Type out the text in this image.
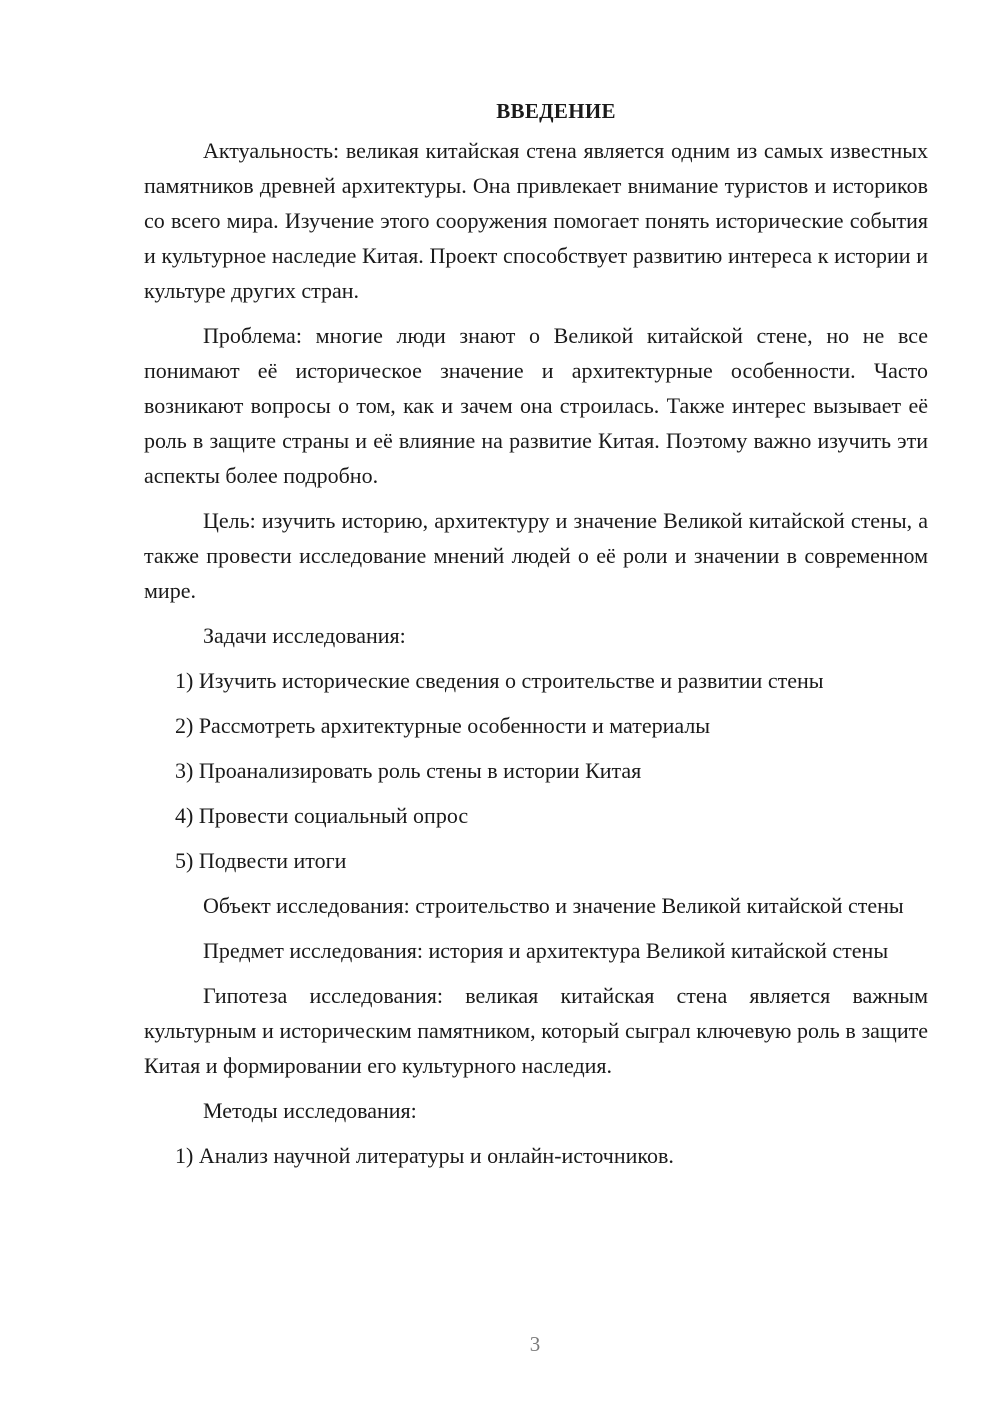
ВВЕДЕНИЕ

Актуальность: великая китайская стена является одним из самых известных памятников древней архитектуры. Она привлекает внимание туристов и историков со всего мира. Изучение этого сооружения помогает понять исторические события и культурное наследие Китая. Проект способствует развитию интереса к истории и культуре других стран.

Проблема: многие люди знают о Великой китайской стене, но не все понимают её историческое значение и архитектурные особенности. Часто возникают вопросы о том, как и зачем она строилась. Также интерес вызывает её роль в защите страны и её влияние на развитие Китая. Поэтому важно изучить эти аспекты более подробно.

Цель: изучить историю, архитектуру и значение Великой китайской стены, а также провести исследование мнений людей о её роли и значении в современном мире.

Задачи исследования:

1) Изучить исторические сведения о строительстве и развитии стены
2) Рассмотреть архитектурные особенности и материалы
3) Проанализировать роль стены в истории Китая
4) Провести социальный опрос
5) Подвести итоги

Объект исследования: строительство и значение Великой китайской стены

Предмет исследования: история и архитектура Великой китайской стены

Гипотеза исследования: великая китайская стена является важным культурным и историческим памятником, который сыграл ключевую роль в защите Китая и формировании его культурного наследия.

Методы исследования:

1) Анализ научной литературы и онлайн-источников.
3
